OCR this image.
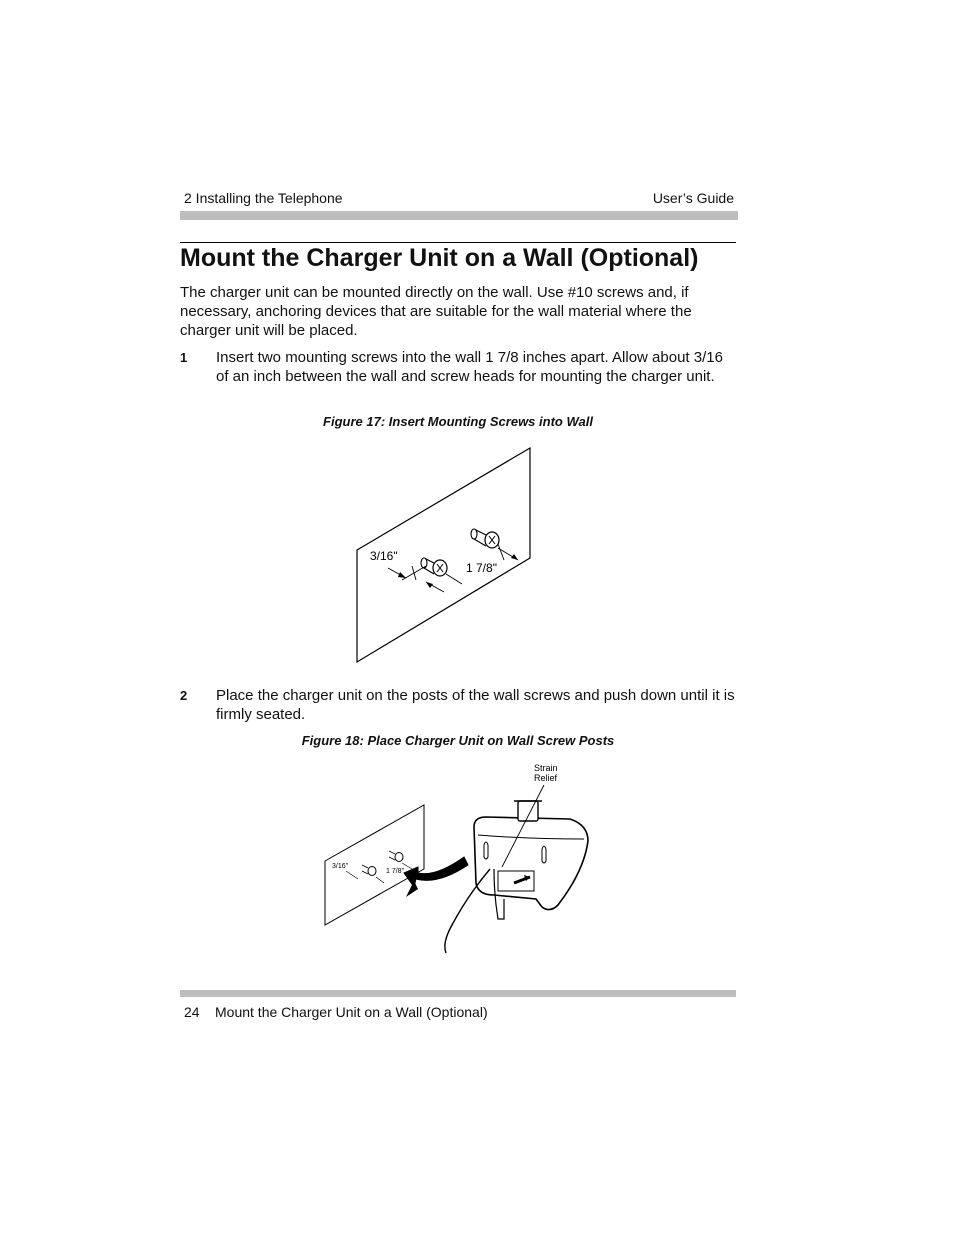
2 Installing the Telephone	User’s Guide
Mount the Charger Unit on a Wall (Optional)

The charger unit can be mounted directly on the wall. Use #10 screws and, if necessary, anchoring devices that are suitable for the wall material where the charger unit will be placed.

1 Insert two mounting screws into the wall 1 7/8 inches apart. Allow about 3/16 of an inch between the wall and screw heads for mounting the charger unit.
Figure 17: Insert Mounting Screws into Wall
3/16"
1 7/8"
2 Place the charger unit on the posts of the wall screws and push down until it is firmly seated.
Figure 18: Place Charger Unit on Wall Screw Posts
3/16"
1 7/8"
Strain
Relief
24 Mount the Charger Unit on a Wall (Optional)
